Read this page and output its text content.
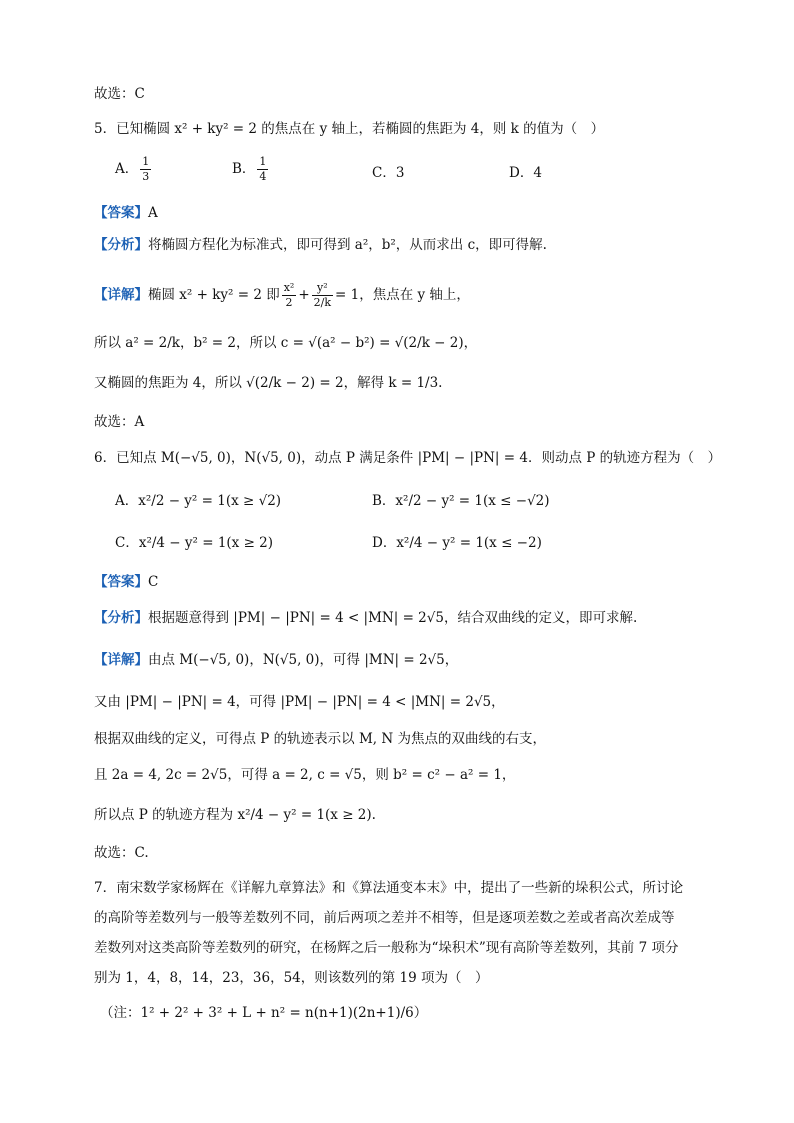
故选：C
5．已知椭圆 x² + ky² = 2 的焦点在 y 轴上，若椭圆的焦距为 4，则 k 的值为（　）
A． $\frac{1}{3}$	B． $\frac{1}{4}$	C．3	D．4
【答案】A
【分析】将椭圆方程化为标准式，即可得到 a²，b²，从而求出 c，即可得解.
【详解】椭圆 x² + ky² = 2 即 $\frac{\text{x²}}{2} + \frac{\text{y²}}{2/k} = 1$，焦点在 y 轴上，
所以 a² = 2/k，b² = 2，所以 c = √(a² − b²) = √(2/k − 2)，
又椭圆的焦距为 4，所以 √(2/k − 2) = 2，解得 k = 1/3.
故选：A
6．已知点 M(−√5, 0)，N(√5, 0)，动点 P 满足条件 |PM| − |PN| = 4．则动点 P 的轨迹方程为（　）
A．x²/2 − y² = 1(x ≥ √2)	B．x²/2 − y² = 1(x ≤ −√2)
C．x²/4 − y² = 1(x ≥ 2)	D．x²/4 − y² = 1(x ≤ −2)
【答案】C
【分析】根据题意得到 |PM| − |PN| = 4 < |MN| = 2√5，结合双曲线的定义，即可求解.
【详解】由点 M(−√5, 0)，N(√5, 0)，可得 |MN| = 2√5，
又由 |PM| − |PN| = 4，可得 |PM| − |PN| = 4 < |MN| = 2√5，
根据双曲线的定义，可得点 P 的轨迹表示以 M, N 为焦点的双曲线的右支，
且 2a = 4, 2c = 2√5，可得 a = 2, c = √5，则 b² = c² − a² = 1，
所以点 P 的轨迹方程为 x²/4 − y² = 1(x ≥ 2).
故选：C.
7．南宋数学家杨辉在《详解九章算法》和《算法通变本末》中，提出了一些新的垛积公式，所讨论
的高阶等差数列与一般等差数列不同，前后两项之差并不相等，但是逐项差数之差或者高次差成等
差数列对这类高阶等差数列的研究，在杨辉之后一般称为“垛积术”现有高阶等差数列，其前 7 项分
别为 1，4，8，14，23，36，54，则该数列的第 19 项为（　）
（注：1² + 2² + 3² + L + n² = n(n+1)(2n+1)/6）
